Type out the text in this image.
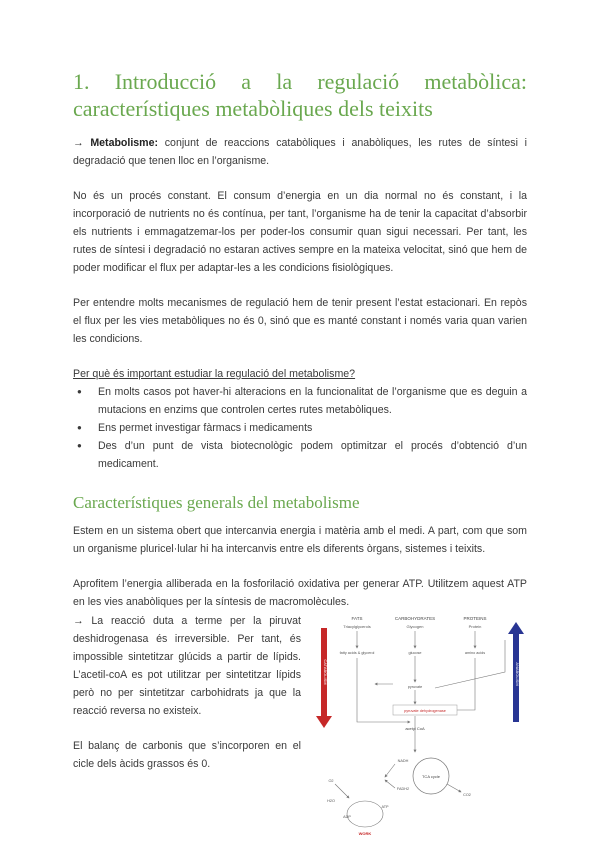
1. Introducció a la regulació metabòlica:
característiques metabòliques dels teixits

→ Metabolisme: conjunt de reaccions catabòliques i anabòliques, les rutes de síntesi i degradació que tenen lloc en l’organisme.

No és un procés constant. El consum d’energia en un dia normal no és constant, i la incorporació de nutrients no és contínua, per tant, l’organisme ha de tenir la capacitat d’absorbir els nutrients i emmagatzemar-los per poder-los consumir quan sigui necessari. Per tant, les rutes de síntesi i degradació no estaran actives sempre en la mateixa velocitat, sinó que hem de poder modificar el flux per adaptar-les a les condicions fisiològiques.

Per entendre molts mecanismes de regulació hem de tenir present l’estat estacionari. En repòs el flux per les vies metabòliques no és 0, sinó que es manté constant i només varia quan varien les condicions.

Per què és important estudiar la regulació del metabolisme?

● En molts casos pot haver-hi alteracions en la funcionalitat de l’organisme que es deguin a mutacions en enzims que controlen certes rutes metabòliques.
● Ens permet investigar fàrmacs i medicaments
● Des d’un punt de vista biotecnològic podem optimitzar el procés d’obtenció d’un medicament.
Característiques generals del metabolisme

Estem en un sistema obert que intercanvia energia i matèria amb el medi. A part, com que som un organisme pluricel·lular hi ha intercanvis entre els diferents òrgans, sistemes i teixits.

Aprofitem l’energia alliberada en la fosforilació oxidativa per generar ATP. Utilitzem aquest ATP en les vies anabòliques per la síntesis de macromolècules.

→ La reacció duta a terme per la piruvat deshidrogenasa és irreversible. Per tant, és impossible sintetitzar glúcids a partir de lípids. L’acetil-coA es pot utilitzar per sintetitzar lípids però no per sintetitzar carbohidrats ja que la reacció reversa no existeix.

El balanç de carbonis que s’incorporen en el cicle dels àcids grassos és 0.

CATABOLISM	ANABOLISM
FATS	CARBOHYDRATES	PROTEINS
Triacylglycerols	Glycogen	Protein
fatty acids & glycerol	glucose	amino acids
pyruvate
pyruvate dehydrogenase
acetyl CoA
TCA cycle
NADH
FADH2
CO2
O2
H2O
ATP
ADP
WORK
